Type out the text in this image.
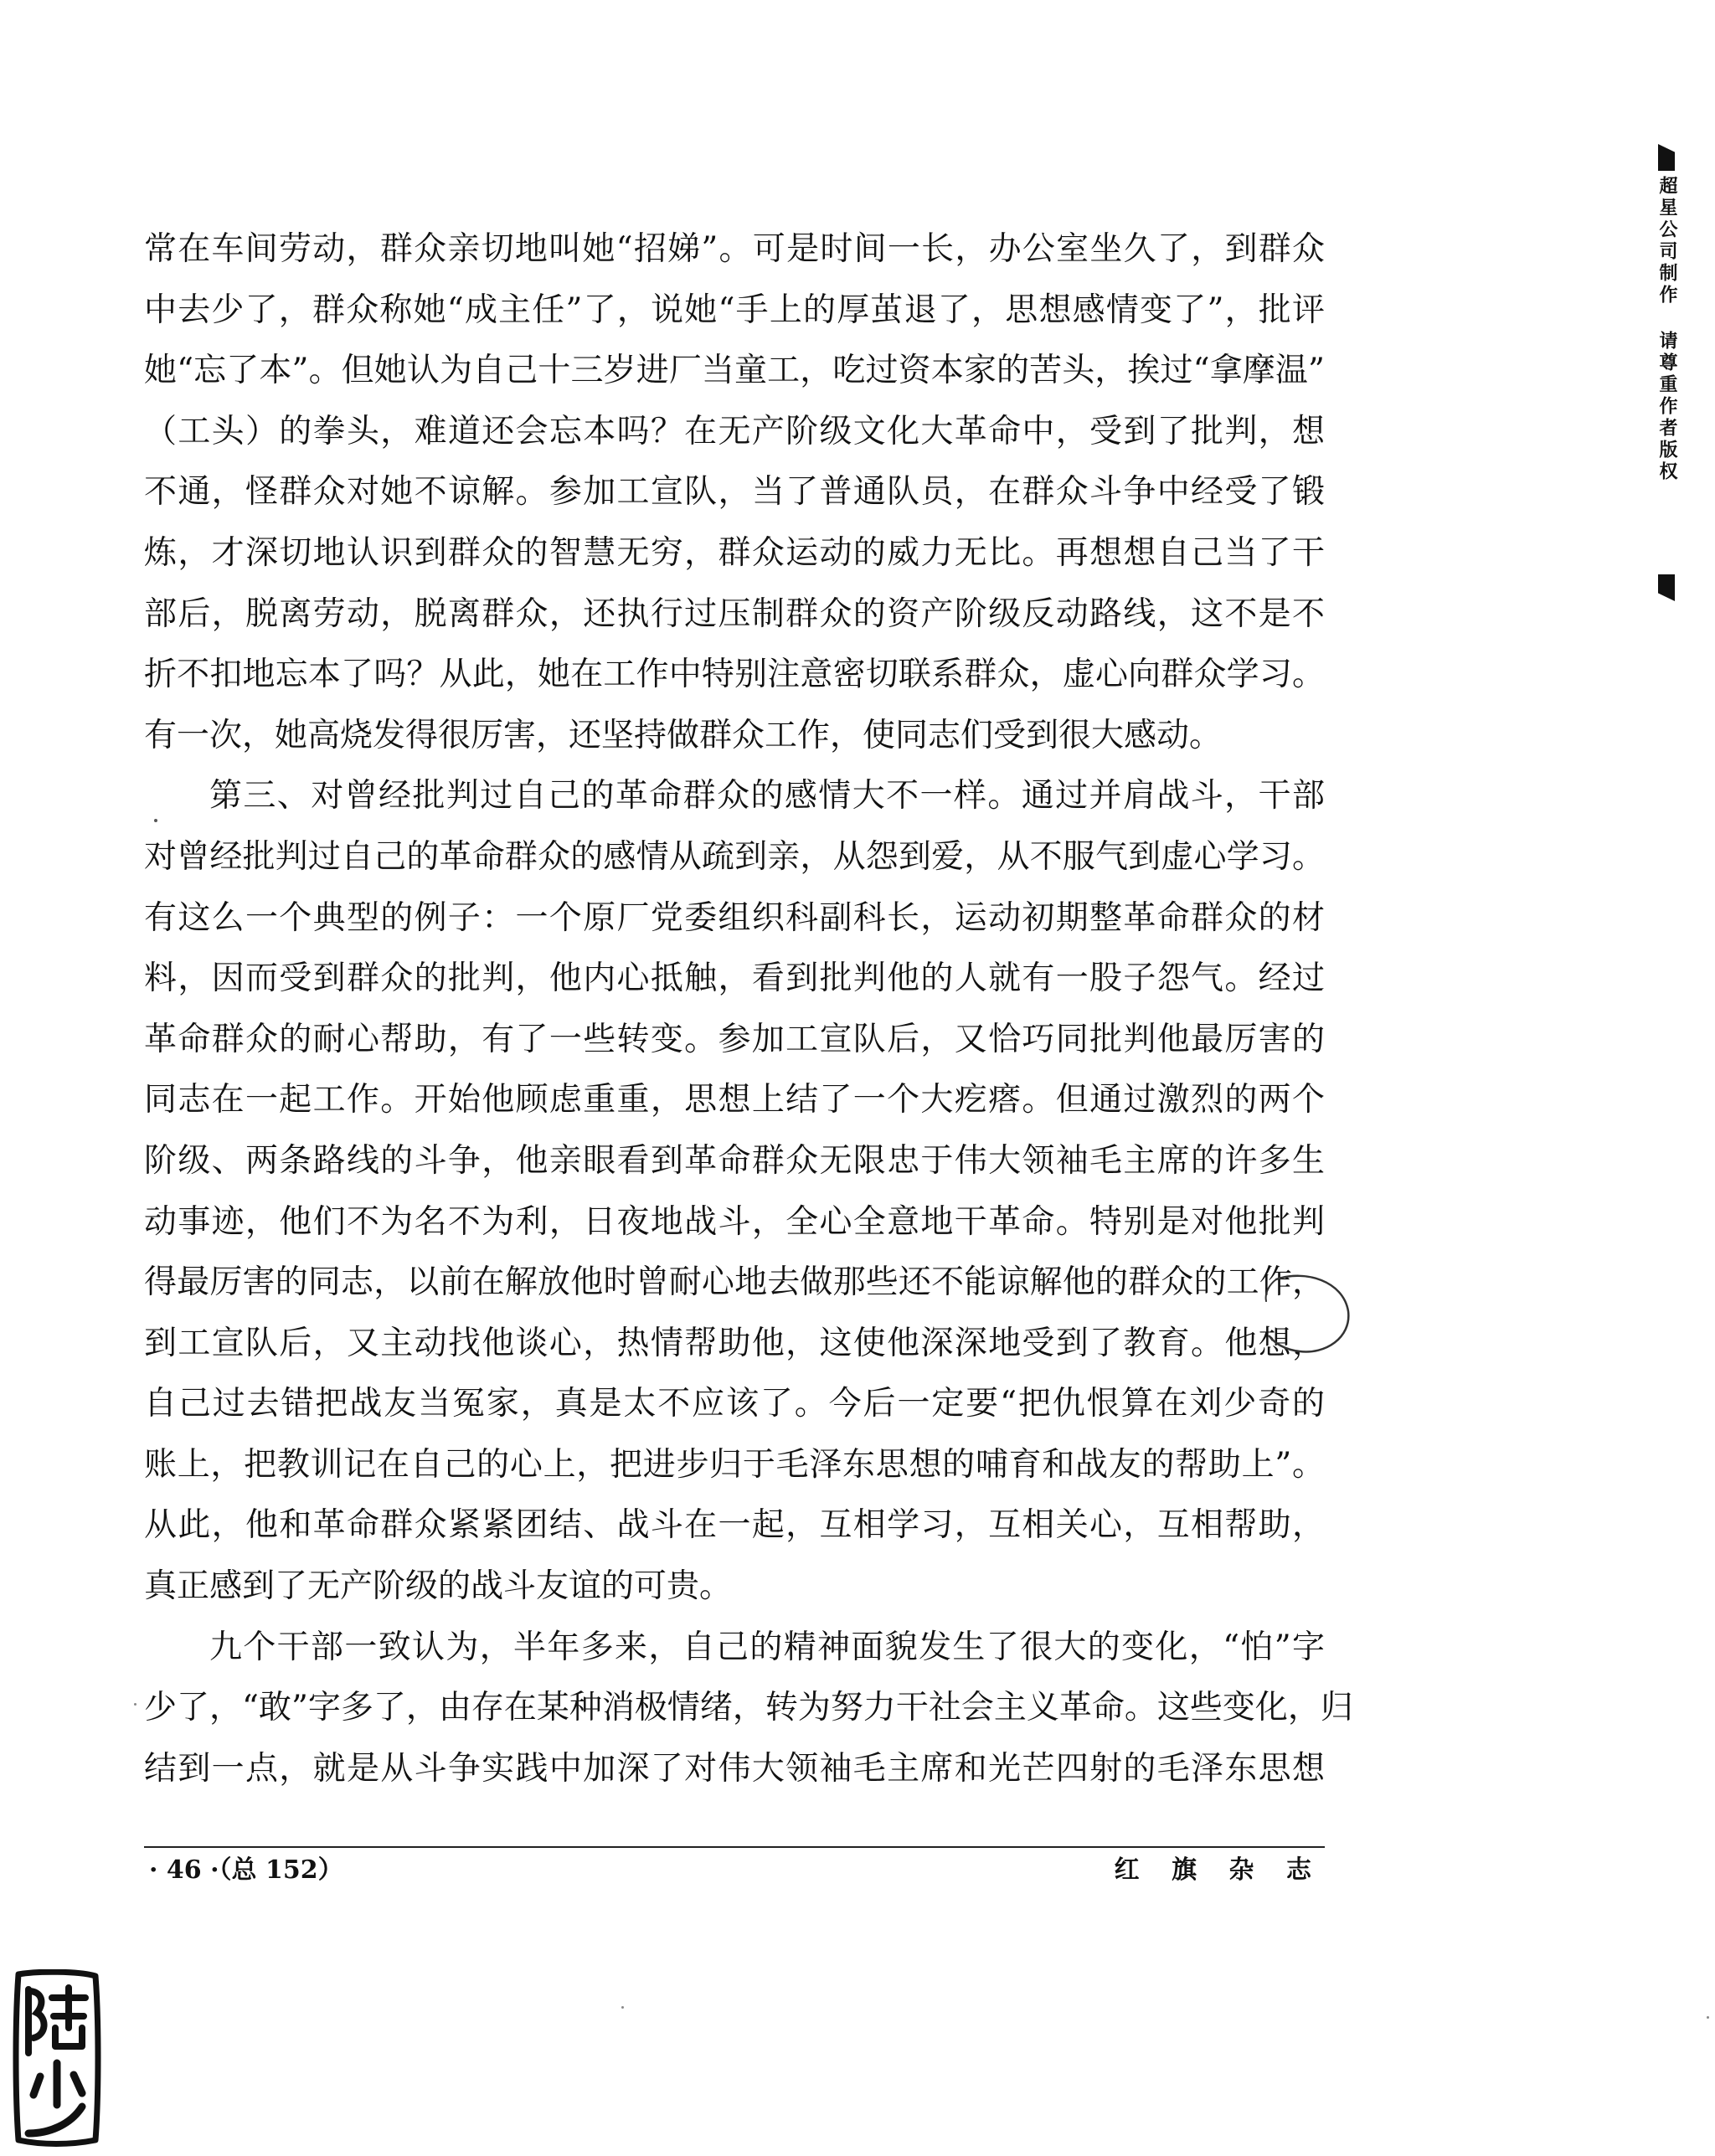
超星公司制作 请尊重作者版权
常在车间劳动，群众亲切地叫她“招娣”。可是时间一长，办公室坐久了，到群众
中去少了，群众称她“成主任”了，说她“手上的厚茧退了，思想感情变了”，批评
她“忘了本”。但她认为自己十三岁进厂当童工，吃过资本家的苦头，挨过“拿摩温”
（工头）的拳头，难道还会忘本吗？在无产阶级文化大革命中，受到了批判，想
不通，怪群众对她不谅解。参加工宣队，当了普通队员，在群众斗争中经受了锻
炼，才深切地认识到群众的智慧无穷，群众运动的威力无比。再想想自己当了干
部后，脱离劳动，脱离群众，还执行过压制群众的资产阶级反动路线，这不是不
折不扣地忘本了吗？从此，她在工作中特别注意密切联系群众，虚心向群众学习。
有一次，她高烧发得很厉害，还坚持做群众工作，使同志们受到很大感动。
第三、对曾经批判过自己的革命群众的感情大不一样。通过并肩战斗，干部
对曾经批判过自己的革命群众的感情从疏到亲，从怨到爱，从不服气到虚心学习。
有这么一个典型的例子：一个原厂党委组织科副科长，运动初期整革命群众的材
料，因而受到群众的批判，他内心抵触，看到批判他的人就有一股子怨气。经过
革命群众的耐心帮助，有了一些转变。参加工宣队后，又恰巧同批判他最厉害的
同志在一起工作。开始他顾虑重重，思想上结了一个大疙瘩。但通过激烈的两个
阶级、两条路线的斗争，他亲眼看到革命群众无限忠于伟大领袖毛主席的许多生
动事迹，他们不为名不为利，日夜地战斗，全心全意地干革命。特别是对他批判
得最厉害的同志，以前在解放他时曾耐心地去做那些还不能谅解他的群众的工作，
到工宣队后，又主动找他谈心，热情帮助他，这使他深深地受到了教育。他想，
自己过去错把战友当冤家，真是太不应该了。今后一定要“把仇恨算在刘少奇的
账上，把教训记在自己的心上，把进步归于毛泽东思想的哺育和战友的帮助上”。
从此，他和革命群众紧紧团结、战斗在一起，互相学习，互相关心，互相帮助，
真正感到了无产阶级的战斗友谊的可贵。
九个干部一致认为，半年多来，自己的精神面貌发生了很大的变化，“怕”字
少了，“敢”字多了，由存在某种消极情绪，转为努力干社会主义革命。这些变化，归
结到一点，就是从斗争实践中加深了对伟大领袖毛主席和光芒四射的毛泽东思想
· 46 ·（总 152）	红 旗 杂 志
